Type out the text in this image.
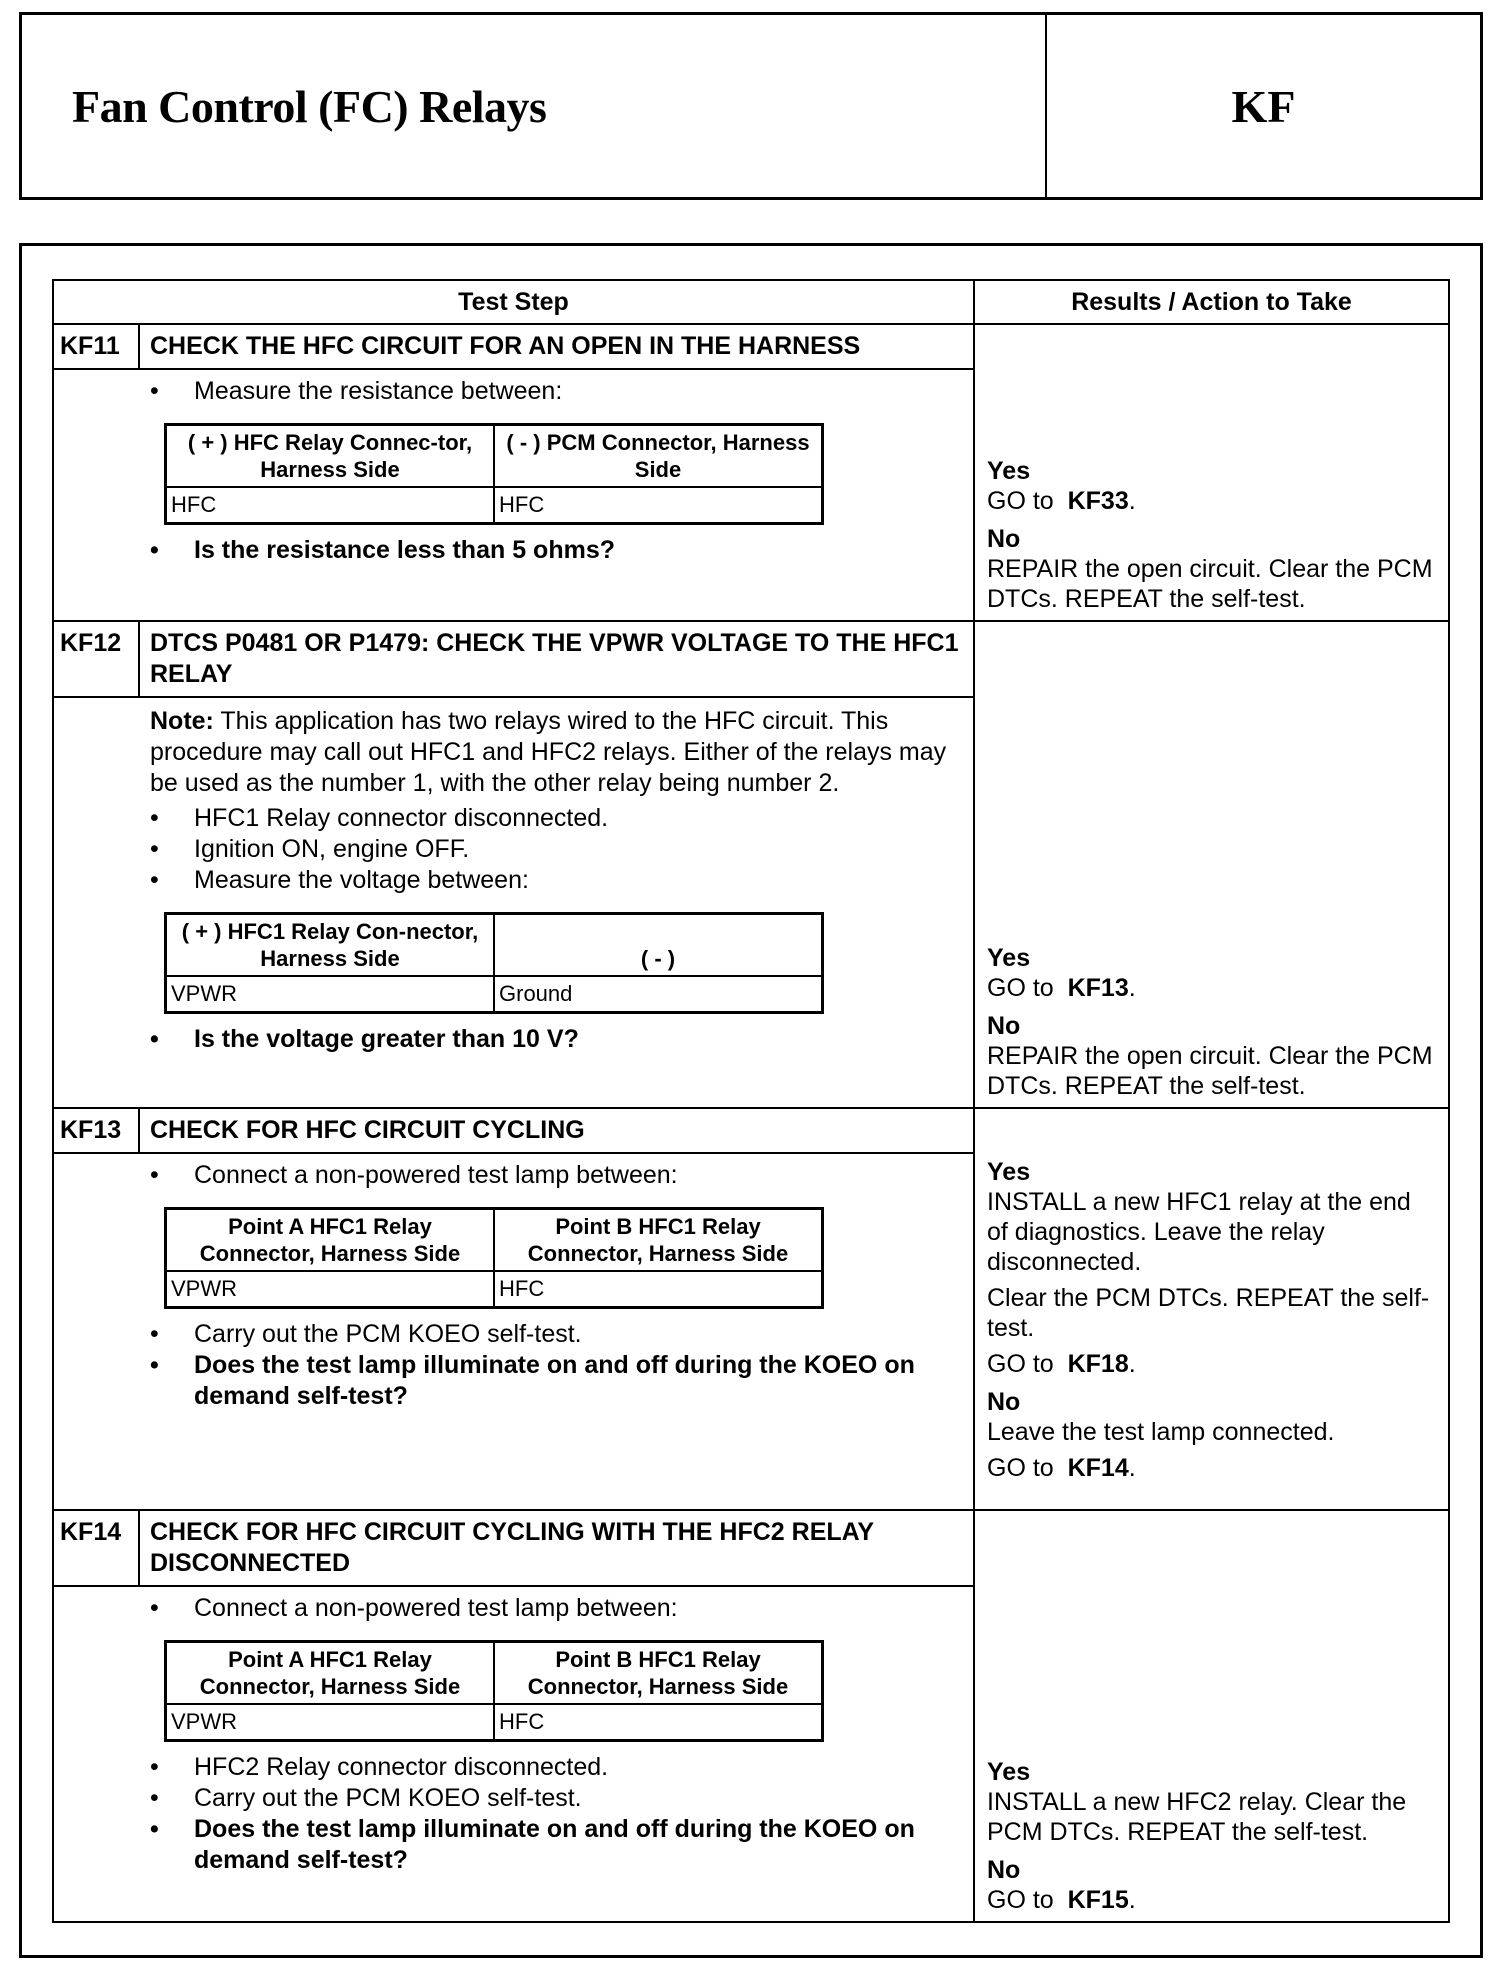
Fan Control (FC) Relays	KF
Test Step	Results / Action to Take
KF11	CHECK THE HFC CIRCUIT FOR AN OPEN IN THE HARNESS
•	Measure the resistance between:
( + ) HFC Relay Connec-tor, Harness Side	( - ) PCM Connector, Harness Side
HFC	HFC
•	Is the resistance less than 5 ohms?
Yes
GO to KF33.
No
REPAIR the open circuit. Clear the PCM DTCs. REPEAT the self-test.
KF12	DTCS P0481 OR P1479: CHECK THE VPWR VOLTAGE TO THE HFC1 RELAY
Note: This application has two relays wired to the HFC circuit. This procedure may call out HFC1 and HFC2 relays. Either of the relays may be used as the number 1, with the other relay being number 2.
•	HFC1 Relay connector disconnected.
•	Ignition ON, engine OFF.
•	Measure the voltage between:
( + ) HFC1 Relay Con-nector, Harness Side	( - )
VPWR	Ground
•	Is the voltage greater than 10 V?
Yes
GO to KF13.
No
REPAIR the open circuit. Clear the PCM DTCs. REPEAT the self-test.
KF13	CHECK FOR HFC CIRCUIT CYCLING
•	Connect a non-powered test lamp between:
Point A HFC1 Relay Connector, Harness Side	Point B HFC1 Relay Connector, Harness Side
VPWR	HFC
•	Carry out the PCM KOEO self-test.
•	Does the test lamp illuminate on and off during the KOEO on demand self-test?
Yes
INSTALL a new HFC1 relay at the end of diagnostics. Leave the relay disconnected.
Clear the PCM DTCs. REPEAT the self-test.
GO to KF18.
No
Leave the test lamp connected.
GO to KF14.
KF14	CHECK FOR HFC CIRCUIT CYCLING WITH THE HFC2 RELAY DISCONNECTED
•	Connect a non-powered test lamp between:
Point A HFC1 Relay Connector, Harness Side	Point B HFC1 Relay Connector, Harness Side
VPWR	HFC
•	HFC2 Relay connector disconnected.
•	Carry out the PCM KOEO self-test.
•	Does the test lamp illuminate on and off during the KOEO on demand self-test?
Yes
INSTALL a new HFC2 relay. Clear the PCM DTCs. REPEAT the self-test.
No
GO to KF15.
